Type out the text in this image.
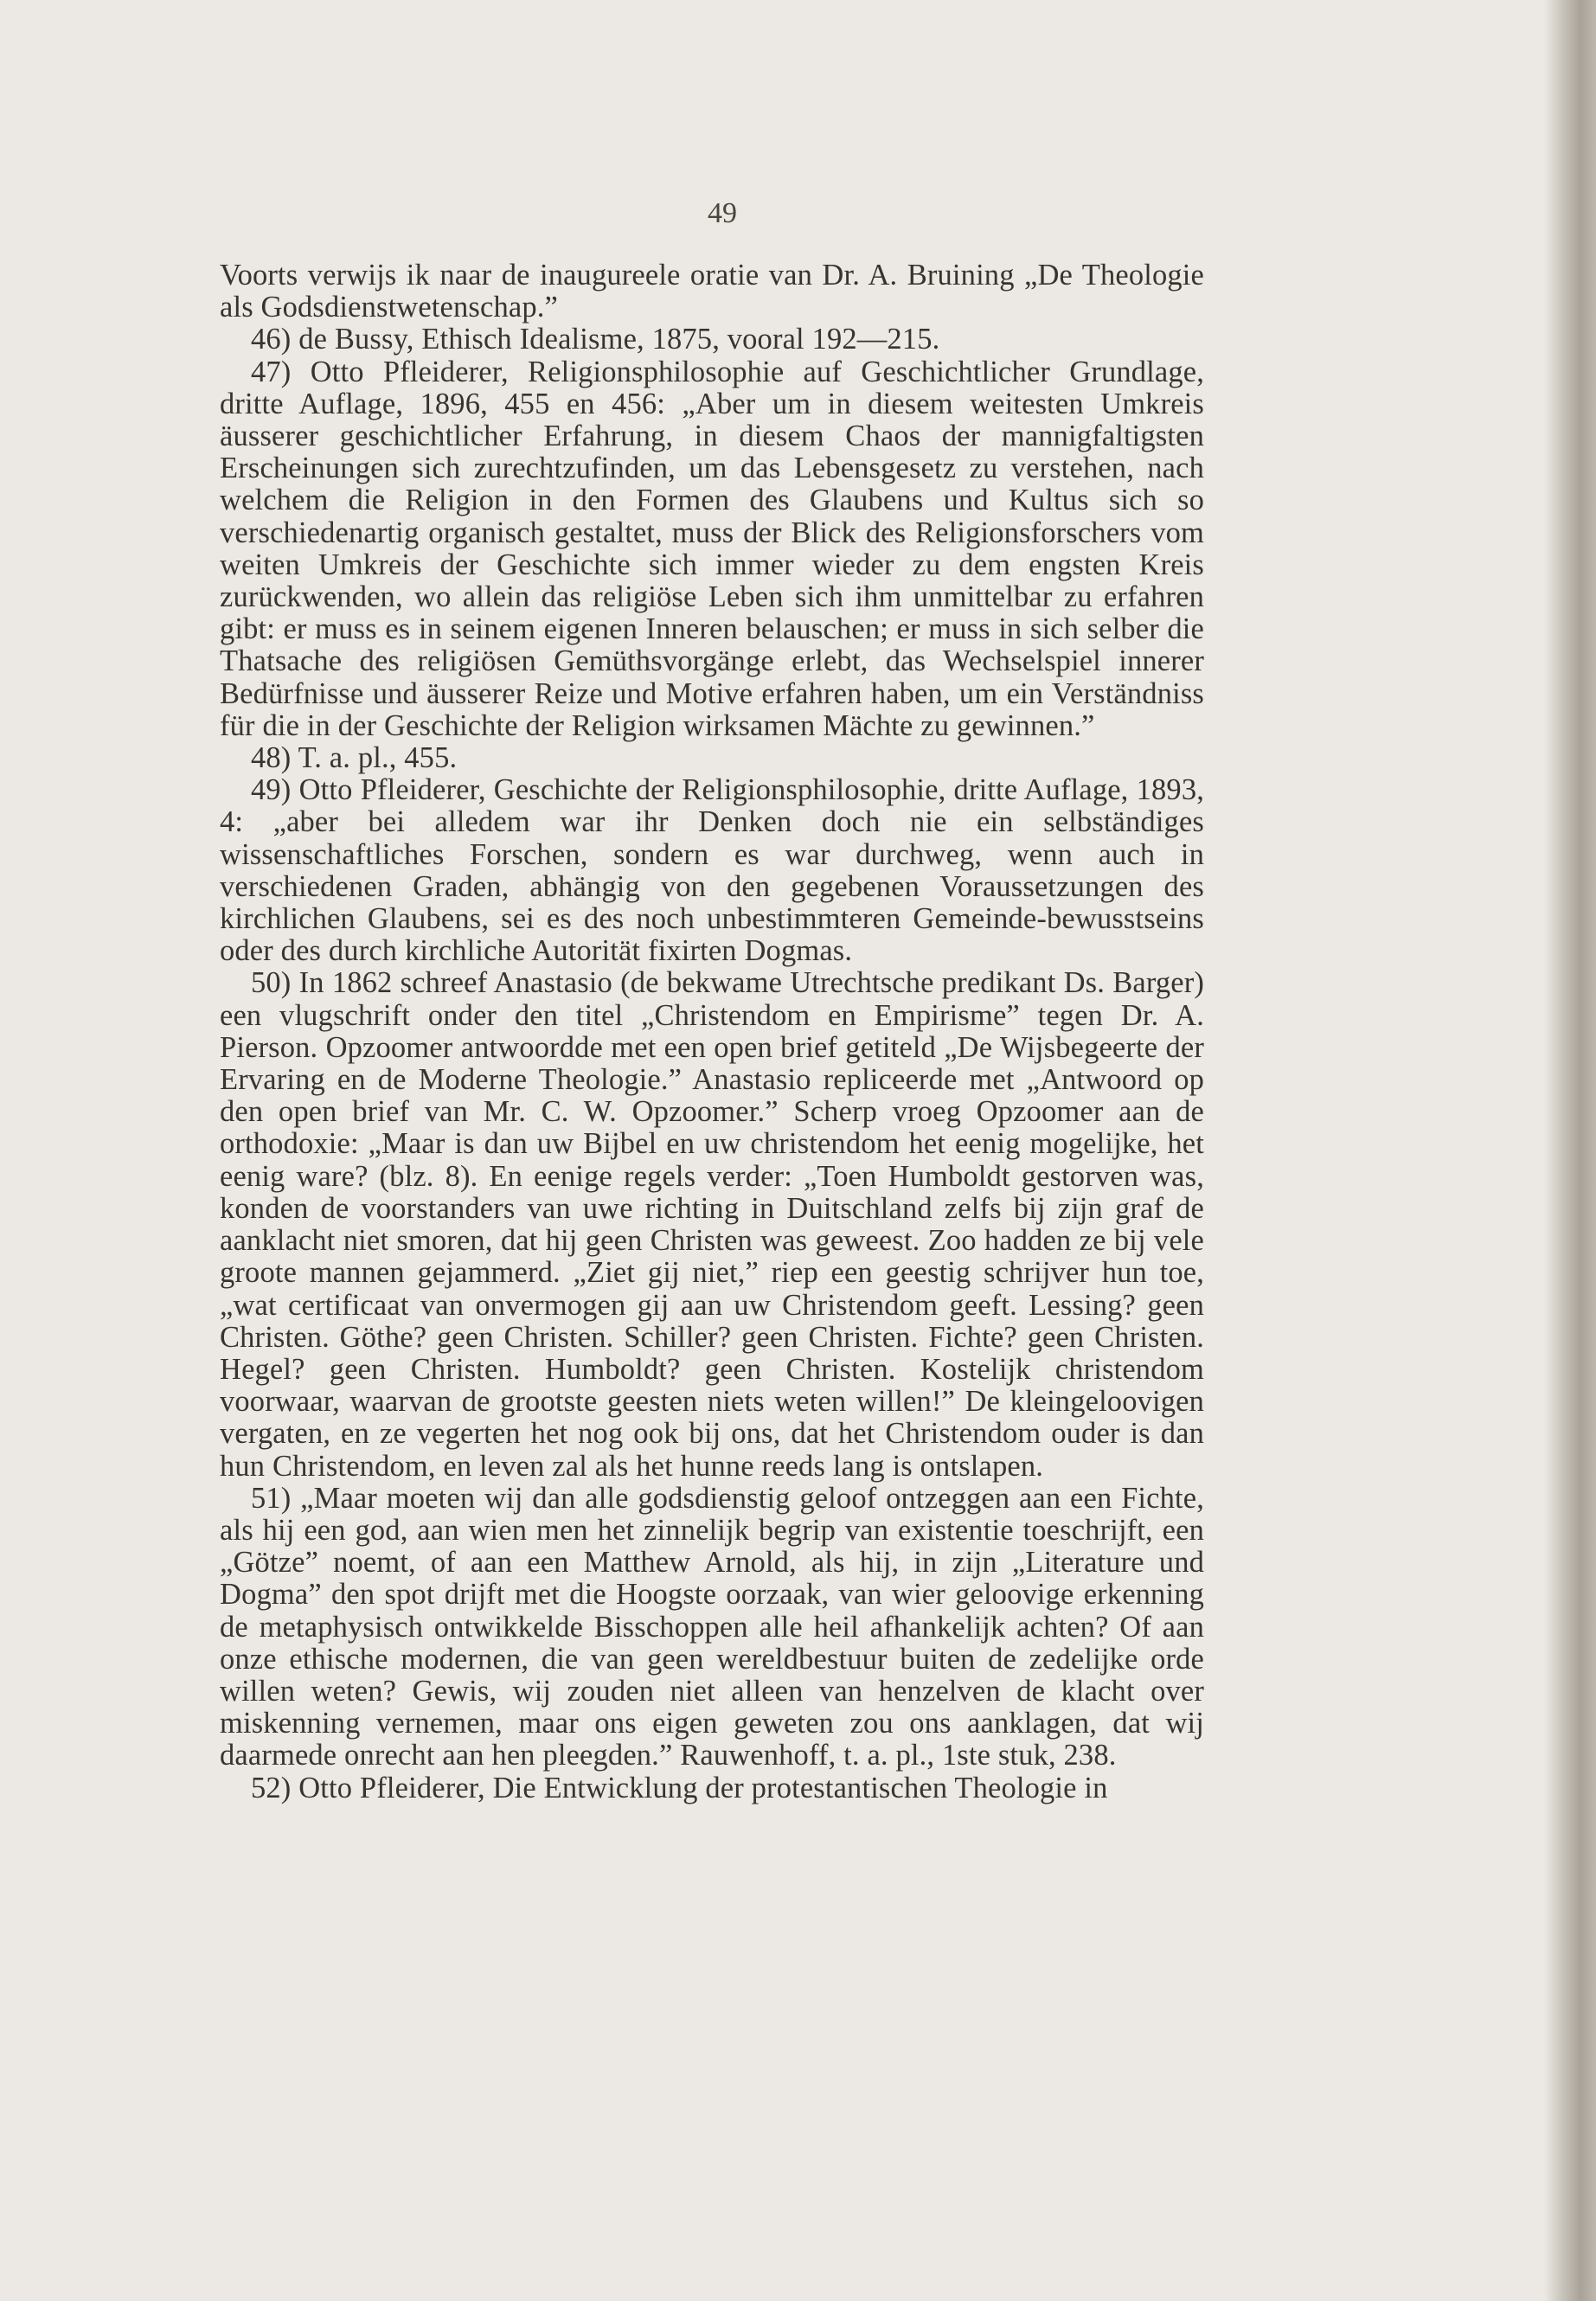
49

Voorts verwijs ik naar de inaugureele oratie van Dr. A. Bruining „De Theologie als Godsdienstwetenschap.”

46) de Bussy, Ethisch Idealisme, 1875, vooral 192—215.

47) Otto Pfleiderer, Religionsphilosophie auf Geschichtlicher Grundlage, dritte Auflage, 1896, 455 en 456: „Aber um in diesem weitesten Umkreis äusserer geschichtlicher Erfahrung, in diesem Chaos der mannigfaltigsten Erscheinungen sich zurechtzufinden, um das Lebensgesetz zu verstehen, nach welchem die Religion in den Formen des Glaubens und Kultus sich so verschiedenartig organisch gestaltet, muss der Blick des Religionsforschers vom weiten Umkreis der Geschichte sich immer wieder zu dem engsten Kreis zurückwenden, wo allein das religiöse Leben sich ihm unmittelbar zu erfahren gibt: er muss es in seinem eigenen Inneren belauschen; er muss in sich selber die Thatsache des religiösen Gemüthsvorgänge erlebt, das Wechselspiel innerer Bedürfnisse und äusserer Reize und Motive erfahren haben, um ein Verständniss für die in der Geschichte der Religion wirksamen Mächte zu gewinnen.”

48) T. a. pl., 455.

49) Otto Pfleiderer, Geschichte der Religionsphilosophie, dritte Auflage, 1893, 4: „aber bei alledem war ihr Denken doch nie ein selbständiges wissenschaftliches Forschen, sondern es war durchweg, wenn auch in verschiedenen Graden, abhängig von den gegebenen Voraussetzungen des kirchlichen Glaubens, sei es des noch unbestimmteren Gemeinde-bewusstseins oder des durch kirchliche Autorität fixirten Dogmas.

50) In 1862 schreef Anastasio (de bekwame Utrechtsche predikant Ds. Barger) een vlugschrift onder den titel „Christendom en Empirisme” tegen Dr. A. Pierson. Opzoomer antwoordde met een open brief getiteld „De Wijsbegeerte der Ervaring en de Moderne Theologie.” Anastasio repliceerde met „Antwoord op den open brief van Mr. C. W. Opzoomer.” Scherp vroeg Opzoomer aan de orthodoxie: „Maar is dan uw Bijbel en uw christendom het eenig mogelijke, het eenig ware? (blz. 8). En eenige regels verder: „Toen Humboldt gestorven was, konden de voorstanders van uwe richting in Duitschland zelfs bij zijn graf de aanklacht niet smoren, dat hij geen Christen was geweest. Zoo hadden ze bij vele groote mannen gejammerd. „Ziet gij niet,” riep een geestig schrijver hun toe, „wat certificaat van onvermogen gij aan uw Christendom geeft. Lessing? geen Christen. Göthe? geen Christen. Schiller? geen Christen. Fichte? geen Christen. Hegel? geen Christen. Humboldt? geen Christen. Kostelijk christendom voorwaar, waarvan de grootste geesten niets weten willen!” De kleingeloovigen vergaten, en ze vegerten het nog ook bij ons, dat het Christendom ouder is dan hun Christendom, en leven zal als het hunne reeds lang is ontslapen.

51) „Maar moeten wij dan alle godsdienstig geloof ontzeggen aan een Fichte, als hij een god, aan wien men het zinnelijk begrip van existentie toeschrijft, een „Götze” noemt, of aan een Matthew Arnold, als hij, in zijn „Literature und Dogma” den spot drijft met die Hoogste oorzaak, van wier geloovige erkenning de metaphysisch ontwikkelde Bisschoppen alle heil afhankelijk achten? Of aan onze ethische modernen, die van geen wereldbestuur buiten de zedelijke orde willen weten? Gewis, wij zouden niet alleen van henzelven de klacht over miskenning vernemen, maar ons eigen geweten zou ons aanklagen, dat wij daarmede onrecht aan hen pleegden.” Rauwenhoff, t. a. pl., 1ste stuk, 238.

52) Otto Pfleiderer, Die Entwicklung der protestantischen Theologie in
